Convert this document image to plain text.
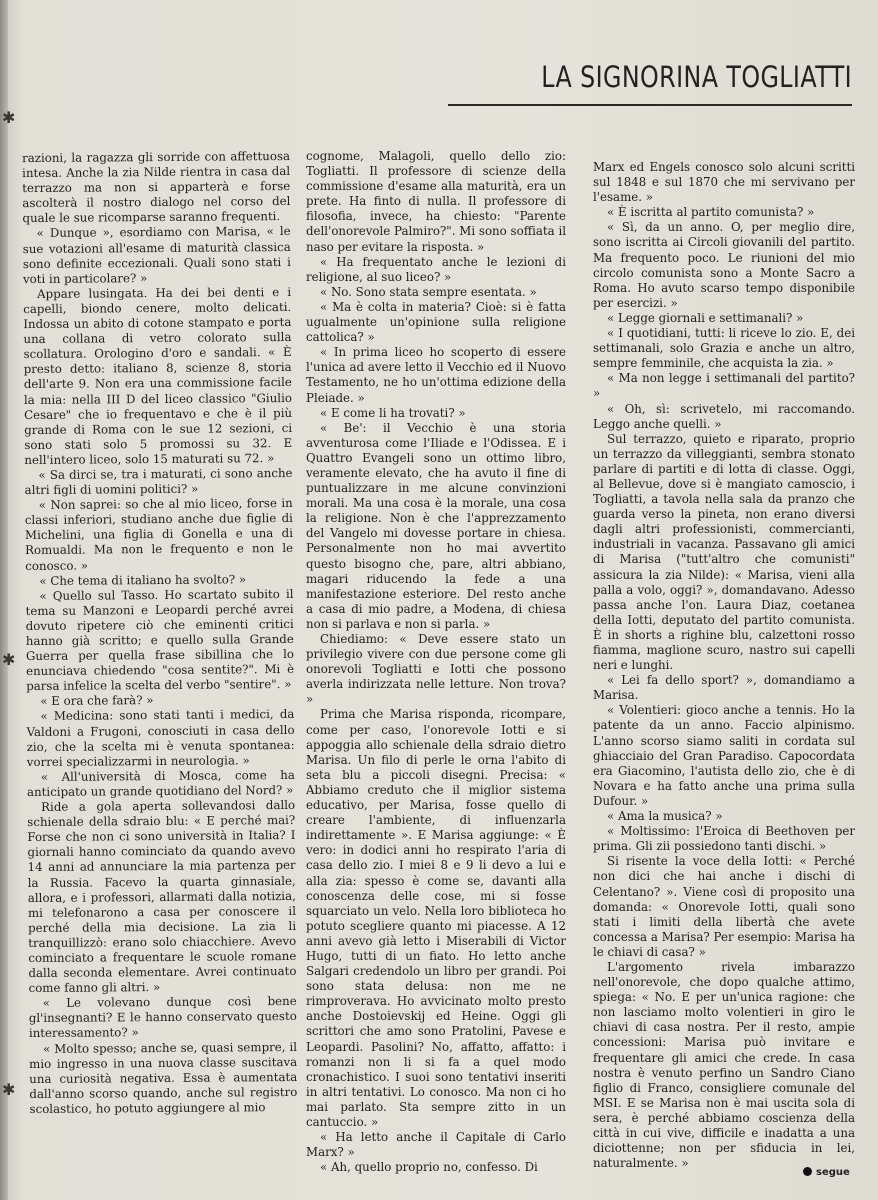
✱
✱
✱
LA SIGNORINA TOGLIATTI

razioni, la ragazza gli sorride con affettuosa intesa. Anche la zia Nilde rientra in casa dal terrazzo ma non si apparterà e forse ascolterà il nostro dialogo nel corso del quale le sue ricomparse saranno frequenti.

« Dunque », esordiamo con Marisa, « le sue votazioni all'esame di maturità classica sono definite eccezionali. Quali sono stati i voti in particolare? »

Appare lusingata. Ha dei bei denti e i capelli, biondo cenere, molto delicati. Indossa un abito di cotone stampato e porta una collana di vetro colorato sulla scollatura. Orologino d'oro e sandali. « È presto detto: italiano 8, scienze 8, storia dell'arte 9. Non era una commissione facile la mia: nella III D del liceo classico "Giulio Cesare" che io frequentavo e che è il più grande di Roma con le sue 12 sezioni, ci sono stati solo 5 promossi su 32. E nell'intero liceo, solo 15 maturati su 72. »

« Sa dirci se, tra i maturati, ci sono anche altri figli di uomini politici? »

« Non saprei: so che al mio liceo, forse in classi inferiori, studiano anche due figlie di Michelini, una figlia di Gonella e una di Romualdi. Ma non le frequento e non le conosco. »

« Che tema di italiano ha svolto? »

« Quello sul Tasso. Ho scartato subito il tema su Manzoni e Leopardi perché avrei dovuto ripetere ciò che eminenti critici hanno già scritto; e quello sulla Grande Guerra per quella frase sibillina che lo enunciava chiedendo "cosa sentite?". Mi è parsa infelice la scelta del verbo "sentire". »

« E ora che farà? »

« Medicina: sono stati tanti i medici, da Valdoni a Frugoni, conosciuti in casa dello zio, che la scelta mi è venuta spontanea: vorrei specializzarmi in neurologia. »

« All'università di Mosca, come ha anticipato un grande quotidiano del Nord? »

Ride a gola aperta sollevandosi dallo schienale della sdraio blu: « E perché mai? Forse che non ci sono università in Italia? I giornali hanno cominciato da quando avevo 14 anni ad annunciare la mia partenza per la Russia. Facevo la quarta ginnasiale, allora, e i professori, allarmati dalla notizia, mi telefonarono a casa per conoscere il perché della mia decisione. La zia li tranquillizzò: erano solo chiacchiere. Avevo cominciato a frequentare le scuole romane dalla seconda elementare. Avrei continuato come fanno gli altri. »

« Le volevano dunque così bene gl'insegnanti? E le hanno conservato questo interessamento? »

« Molto spesso; anche se, quasi sempre, il mio ingresso in una nuova classe suscitava una curiosità negativa. Essa è aumentata dall'anno scorso quando, anche sul registro scolastico, ho potuto aggiungere al mio

cognome, Malagoli, quello dello zio: Togliatti. Il professore di scienze della commissione d'esame alla maturità, era un prete. Ha finto di nulla. Il professore di filosofia, invece, ha chiesto: "Parente dell'onorevole Palmiro?". Mi sono soffiata il naso per evitare la risposta. »

« Ha frequentato anche le lezioni di religione, al suo liceo? »

« No. Sono stata sempre esentata. »

« Ma è colta in materia? Cioè: si è fatta ugualmente un'opinione sulla religione cattolica? »

« In prima liceo ho scoperto di essere l'unica ad avere letto il Vecchio ed il Nuovo Testamento, ne ho un'ottima edizione della Pleiade. »

« E come li ha trovati? »

« Be': il Vecchio è una storia avventurosa come l'Iliade e l'Odissea. E i Quattro Evangeli sono un ottimo libro, veramente elevato, che ha avuto il fine di puntualizzare in me alcune convinzioni morali. Ma una cosa è la morale, una cosa la religione. Non è che l'apprezzamento del Vangelo mi dovesse portare in chiesa. Personalmente non ho mai avvertito questo bisogno che, pare, altri abbiano, magari riducendo la fede a una manifestazione esteriore. Del resto anche a casa di mio padre, a Modena, di chiesa non si parlava e non si parla. »

Chiediamo: « Deve essere stato un privilegio vivere con due persone come gli onorevoli Togliatti e Iotti che possono averla indirizzata nelle letture. Non trova? »

Prima che Marisa risponda, ricompare, come per caso, l'onorevole Iotti e si appoggia allo schienale della sdraio dietro Marisa. Un filo di perle le orna l'abito di seta blu a piccoli disegni. Precisa: « Abbiamo creduto che il miglior sistema educativo, per Marisa, fosse quello di creare l'ambiente, di influenzarla indirettamente ». E Marisa aggiunge: « È vero: in dodici anni ho respirato l'aria di casa dello zio. I miei 8 e 9 li devo a lui e alla zia: spesso è come se, davanti alla conoscenza delle cose, mi si fosse squarciato un velo. Nella loro biblioteca ho potuto scegliere quanto mi piacesse. A 12 anni avevo già letto i Miserabili di Victor Hugo, tutti di un fiato. Ho letto anche Salgari credendolo un libro per grandi. Poi sono stata delusa: non me ne rimproverava. Ho avvicinato molto presto anche Dostoievskij ed Heine. Oggi gli scrittori che amo sono Pratolini, Pavese e Leopardi. Pasolini? No, affatto, affatto: i romanzi non li si fa a quel modo cronachistico. I suoi sono tentativi inseriti in altri tentativi. Lo conosco. Ma non ci ho mai parlato. Sta sempre zitto in un cantuccio. »

« Ha letto anche il Capitale di Carlo Marx? »

« Ah, quello proprio no, confesso. Di

Marx ed Engels conosco solo alcuni scritti sul 1848 e sul 1870 che mi servivano per l'esame. »

« È iscritta al partito comunista? »

« Sì, da un anno. O, per meglio dire, sono iscritta ai Circoli giovanili del partito. Ma frequento poco. Le riunioni del mio circolo comunista sono a Monte Sacro a Roma. Ho avuto scarso tempo disponibile per esercizi. »

« Legge giornali e settimanali? »

« I quotidiani, tutti: li riceve lo zio. E, dei settimanali, solo Grazia e anche un altro, sempre femminile, che acquista la zia. »

« Ma non legge i settimanali del partito? »

« Oh, sì: scrivetelo, mi raccomando. Leggo anche quelli. »

Sul terrazzo, quieto e riparato, proprio un terrazzo da villeggianti, sembra stonato parlare di partiti e di lotta di classe. Oggi, al Bellevue, dove si è mangiato camoscio, i Togliatti, a tavola nella sala da pranzo che guarda verso la pineta, non erano diversi dagli altri professionisti, commercianti, industriali in vacanza. Passavano gli amici di Marisa ("tutt'altro che comunisti" assicura la zia Nilde): « Marisa, vieni alla palla a volo, oggi? », domandavano. Adesso passa anche l'on. Laura Diaz, coetanea della Iotti, deputato del partito comunista. È in shorts a righine blu, calzettoni rosso fiamma, maglione scuro, nastro sui capelli neri e lunghi.

« Lei fa dello sport? », domandiamo a Marisa.

« Volentieri: gioco anche a tennis. Ho la patente da un anno. Faccio alpinismo. L'anno scorso siamo saliti in cordata sul ghiacciaio del Gran Paradiso. Capocordata era Giacomino, l'autista dello zio, che è di Novara e ha fatto anche una prima sulla Dufour. »

« Ama la musica? »

« Moltissimo: l'Eroica di Beethoven per prima. Gli zii possiedono tanti dischi. »

Si risente la voce della Iotti: « Perché non dici che hai anche i dischi di Celentano? ». Viene così di proposito una domanda: « Onorevole Iotti, quali sono stati i limiti della libertà che avete concessa a Marisa? Per esempio: Marisa ha le chiavi di casa? »

L'argomento rivela imbarazzo nell'onorevole, che dopo qualche attimo, spiega: « No. E per un'unica ragione: che non lasciamo molto volentieri in giro le chiavi di casa nostra. Per il resto, ampie concessioni: Marisa può invitare e frequentare gli amici che crede. In casa nostra è venuto perfino un Sandro Ciano figlio di Franco, consigliere comunale del MSI. E se Marisa non è mai uscita sola di sera, è perché abbiamo coscienza della città in cui vive, difficile e inadatta a una diciottenne; non per sfiducia in lei, naturalmente. »

segue
